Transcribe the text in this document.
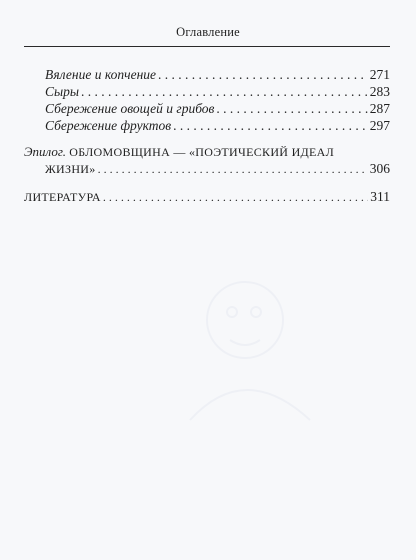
Оглавление
Вяление и копчение . . .	271
Сыры . . .	283
Сбережение овощей и грибов . . .	287
Сбережение фруктов . . .	297
Эпилог. ОБЛОМОВЩИНА — «ПОЭТИЧЕСКИЙ ИДЕАЛ
ЖИЗНИ» . . .	306
ЛИТЕРАТУРА . . .	311
